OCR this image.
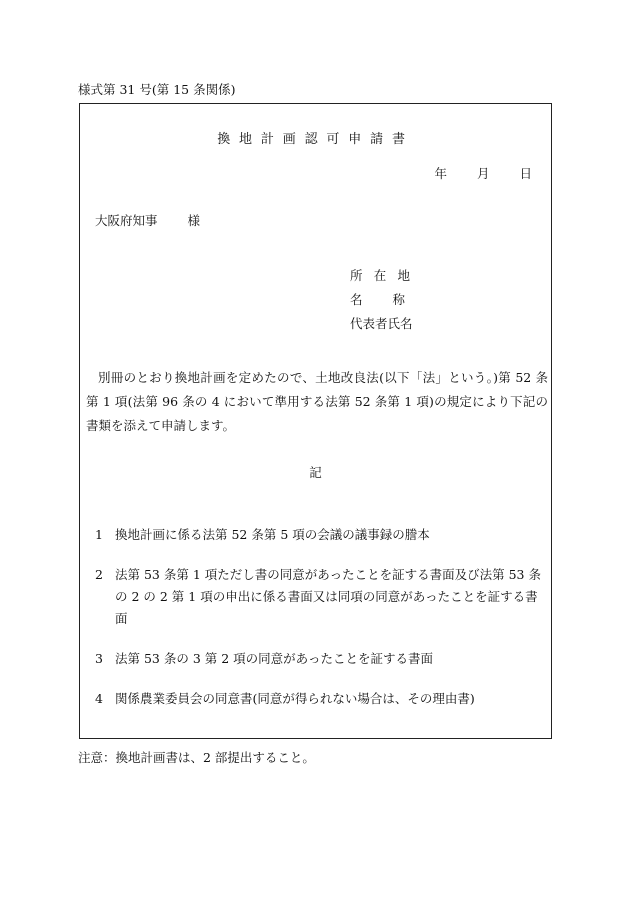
様式第 31 号(第 15 条関係)
換地計画認可申請書
年 月 日
大阪府知事 様
所在地
名称
代表者氏名
別冊のとおり換地計画を定めたので、土地改良法(以下「法」という。)第 52 条第 1 項(法第 96 条の 4 において準用する法第 52 条第 1 項)の規定により下記の書類を添えて申請します。
記
1 換地計画に係る法第 52 条第 5 項の会議の議事録の謄本
2 法第 53 条第 1 項ただし書の同意があったことを証する書面及び法第 53 条の 2 の 2 第 1 項の申出に係る書面又は同項の同意があったことを証する書面
3 法第 53 条の 3 第 2 項の同意があったことを証する書面
4 関係農業委員会の同意書(同意が得られない場合は、その理由書)
注意：換地計画書は、2 部提出すること。
